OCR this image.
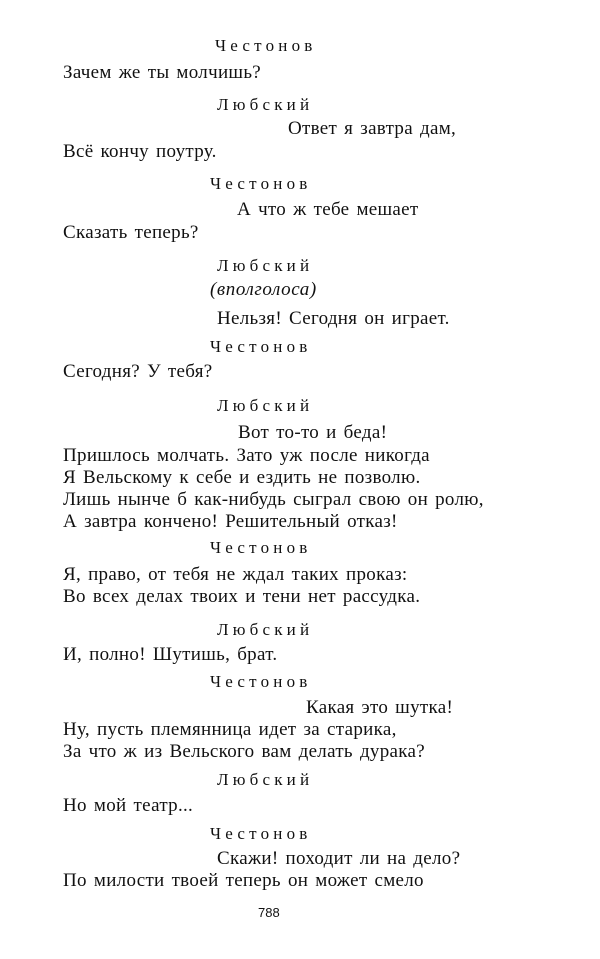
Честонов
Зачем же ты молчишь?
Любский
Ответ я завтра дам,
Всё кончу поутру.
Честонов
А что ж тебе мешает
Сказать теперь?
Любский
(вполголоса)
Нельзя! Сегодня он играет.
Честонов
Сегодня? У тебя?
Любский
Вот то-то и беда!
Пришлось молчать. Зато уж после никогда
Я Вельскому к себе и ездить не позволю.
Лишь нынче б как-нибудь сыграл свою он ролю,
А завтра кончено! Решительный отказ!
Честонов
Я, право, от тебя не ждал таких проказ:
Во всех делах твоих и тени нет рассудка.
Любский
И, полно! Шутишь, брат.
Честонов
Какая это шутка!
Ну, пусть племянница идет за старика,
За что ж из Вельского вам делать дурака?
Любский
Но мой театр...
Честонов
Скажи! походит ли на дело?
По милости твоей теперь он может смело
788
